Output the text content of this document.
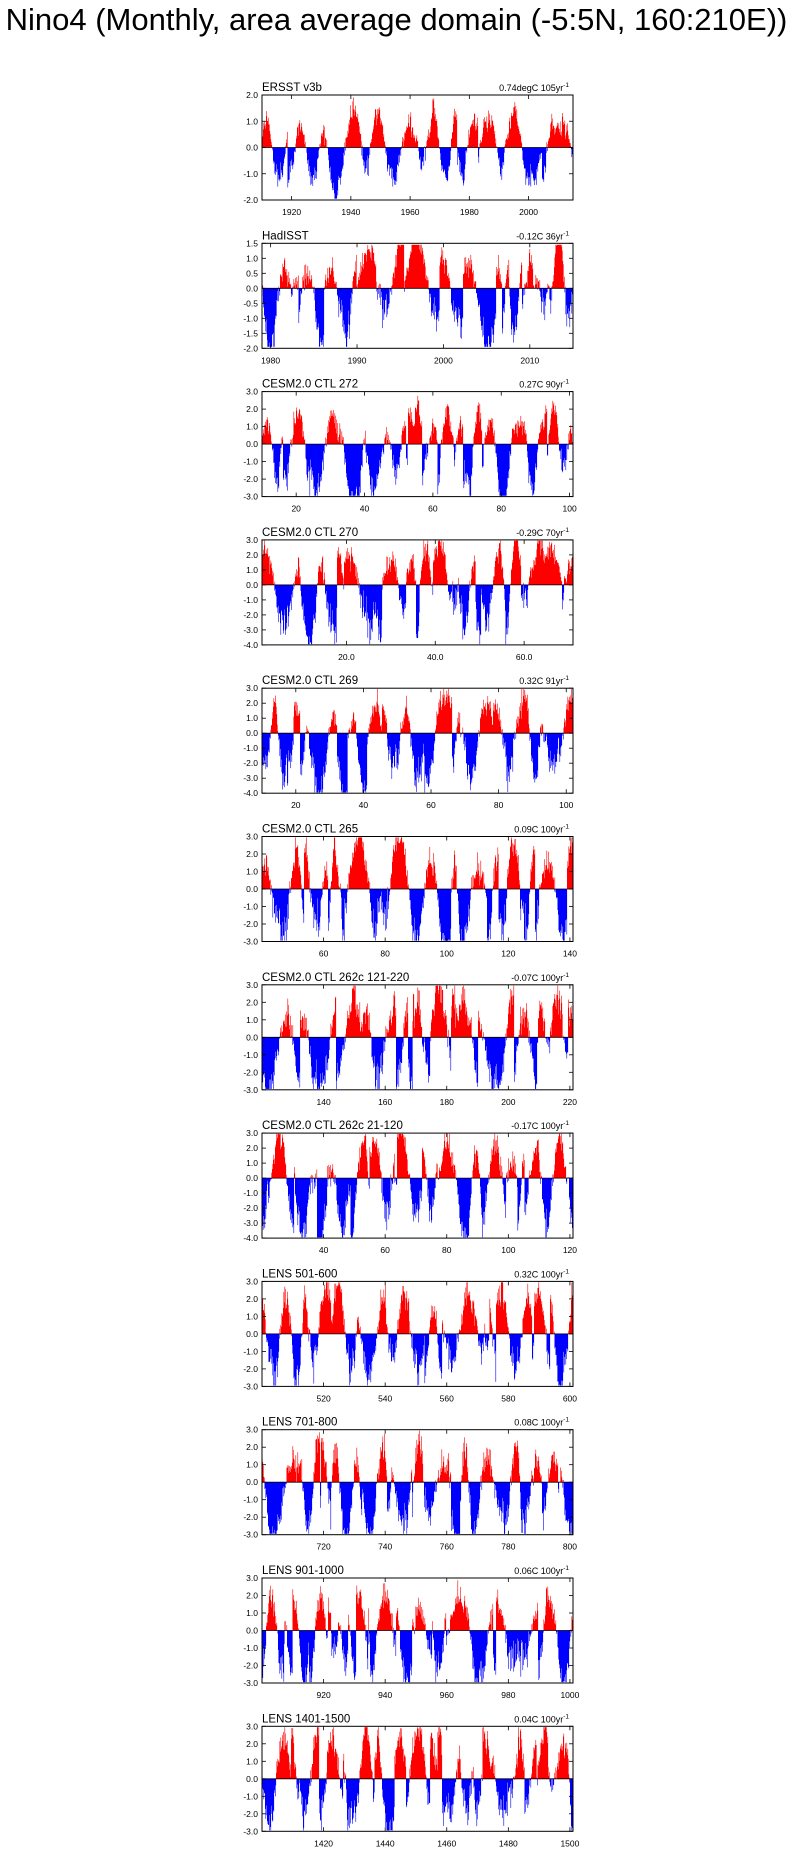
Nino4 (Monthly, area average domain (-5:5N, 160:210E))
ERSST v3b	0.74degC $105yr^{-1}$
-2.0
-1.0
0.0
1.0
2.0
1920	1940	1960	1980	2000
HadISST	-0.12C $36yr^{-1}$
-2.0
-1.5
-1.0
-0.5
0.0
0.5
1.0
1.5
1980	1990	2000	2010
CESM2.0 CTL 272	0.27C $90yr^{-1}$
-3.0
-2.0
-1.0
0.0
1.0
2.0
3.0
20	40	60	80	100
CESM2.0 CTL 270	-0.29C $70yr^{-1}$
-4.0
-3.0
-2.0
-1.0
0.0
1.0
2.0
3.0
20.0	40.0	60.0
CESM2.0 CTL 269	0.32C $91yr^{-1}$
-4.0
-3.0
-2.0
-1.0
0.0
1.0
2.0
3.0
20	40	60	80	100
CESM2.0 CTL 265	0.09C $100yr^{-1}$
-3.0
-2.0
-1.0
0.0
1.0
2.0
3.0
60	80	100	120	140
CESM2.0 CTL 262c 121-220	-0.07C $100yr^{-1}$
-3.0
-2.0
-1.0
0.0
1.0
2.0
3.0
140	160	180	200	220
CESM2.0 CTL 262c 21-120	-0.17C $100yr^{-1}$
-4.0
-3.0
-2.0
-1.0
0.0
1.0
2.0
3.0
40	60	80	100	120
LENS 501-600	0.32C $100yr^{-1}$
-3.0
-2.0
-1.0
0.0
1.0
2.0
3.0
520	540	560	580	600
LENS 701-800	0.08C $100yr^{-1}$
-3.0
-2.0
-1.0
0.0
1.0
2.0
3.0
720	740	760	780	800
LENS 901-1000	0.06C $100yr^{-1}$
-3.0
-2.0
-1.0
0.0
1.0
2.0
3.0
920	940	960	980	1000
LENS 1401-1500	0.04C $100yr^{-1}$
-3.0
-2.0
-1.0
0.0
1.0
2.0
3.0
1420	1440	1460	1480	1500
